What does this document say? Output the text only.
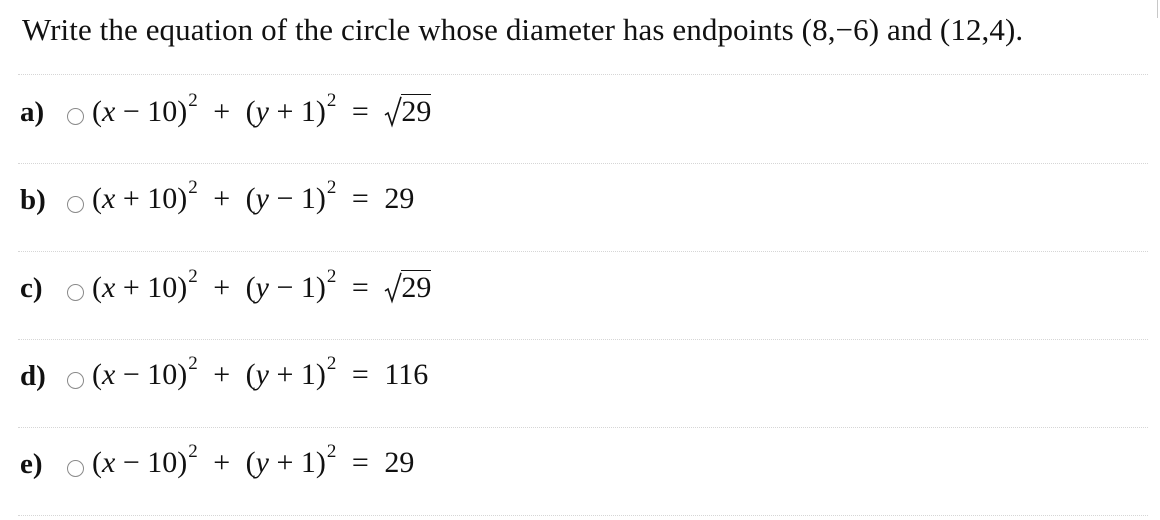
Write the equation of the circle whose diameter has endpoints (8,−6) and (12,4).
a)	$(x - 10)^2 + (y + 1)^2 = 29$
b)	$(x + 10)^2 + (y - 1)^2 = 29$
c)	$(x + 10)^2 + (y - 1)^2 = 29$
d)	$(x - 10)^2 + (y + 1)^2 = 116$
e)	$(x - 10)^2 + (y + 1)^2 = 29$
